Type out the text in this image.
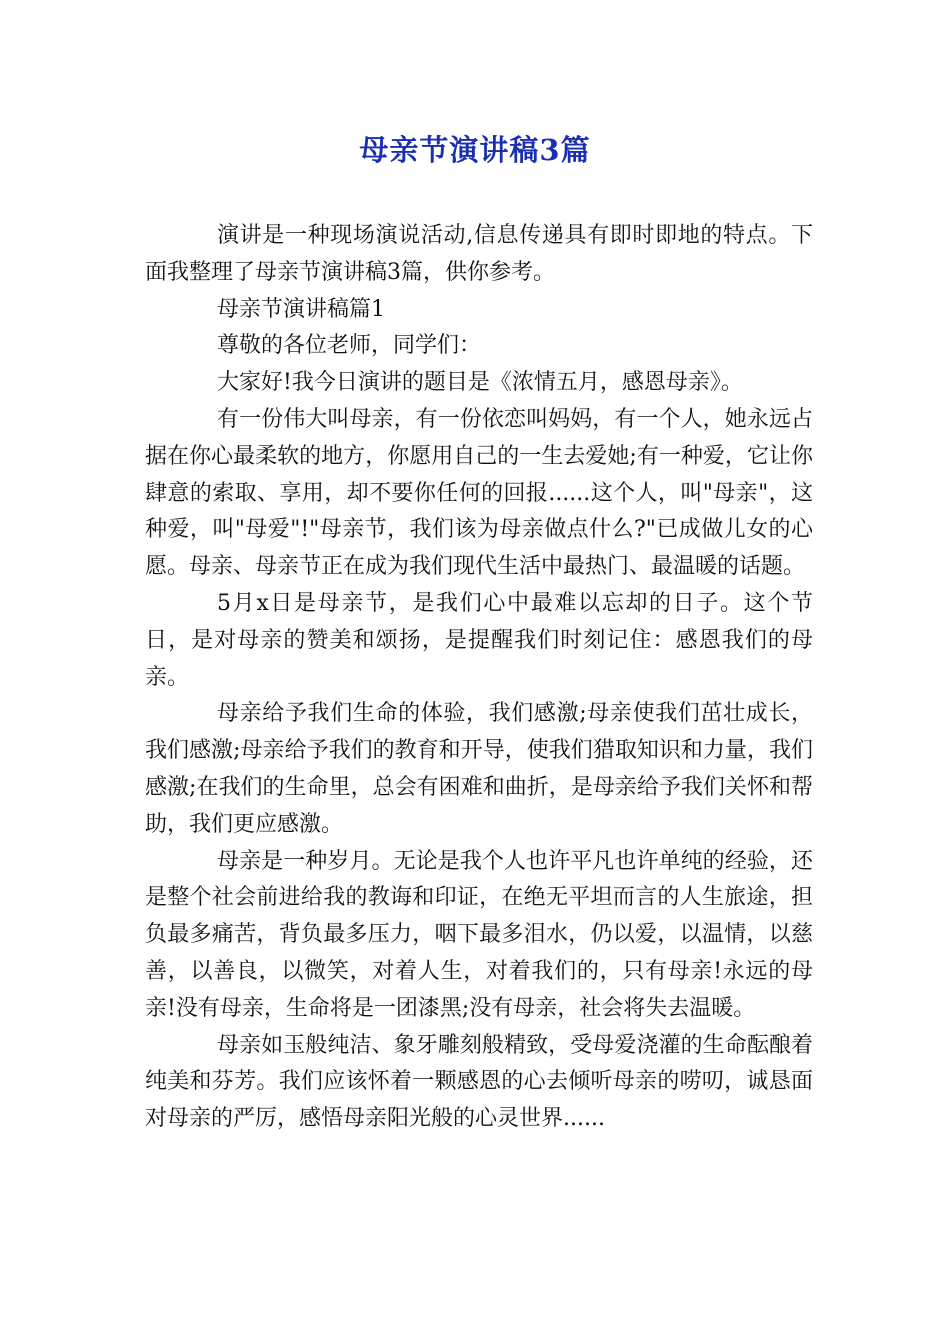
母亲节演讲稿3篇

演讲是一种现场演说活动,信息传递具有即时即地的特点。下面我整理了母亲节演讲稿3篇，供你参考。

母亲节演讲稿篇1

尊敬的各位老师，同学们：

大家好!我今日演讲的题目是《浓情五月，感恩母亲》。

有一份伟大叫母亲，有一份依恋叫妈妈，有一个人，她永远占据在你心最柔软的地方，你愿用自己的一生去爱她;有一种爱，它让你肆意的索取、享用，却不要你任何的回报......这个人，叫"母亲"，这种爱，叫"母爱"!"母亲节，我们该为母亲做点什么?"已成做儿女的心愿。母亲、母亲节正在成为我们现代生活中最热门、最温暖的话题。

5月x日是母亲节，是我们心中最难以忘却的日子。这个节日，是对母亲的赞美和颂扬，是提醒我们时刻记住：感恩我们的母亲。

母亲给予我们生命的体验，我们感激;母亲使我们茁壮成长，我们感激;母亲给予我们的教育和开导，使我们猎取知识和力量，我们感激;在我们的生命里，总会有困难和曲折，是母亲给予我们关怀和帮助，我们更应感激。

母亲是一种岁月。无论是我个人也许平凡也许单纯的经验，还是整个社会前进给我的教诲和印证，在绝无平坦而言的人生旅途，担负最多痛苦，背负最多压力，咽下最多泪水，仍以爱，以温情，以慈善，以善良，以微笑，对着人生，对着我们的，只有母亲!永远的母亲!没有母亲，生命将是一团漆黑;没有母亲，社会将失去温暖。

母亲如玉般纯洁、象牙雕刻般精致，受母爱浇灌的生命酝酿着纯美和芬芳。我们应该怀着一颗感恩的心去倾听母亲的唠叨，诚恳面对母亲的严厉，感悟母亲阳光般的心灵世界......
